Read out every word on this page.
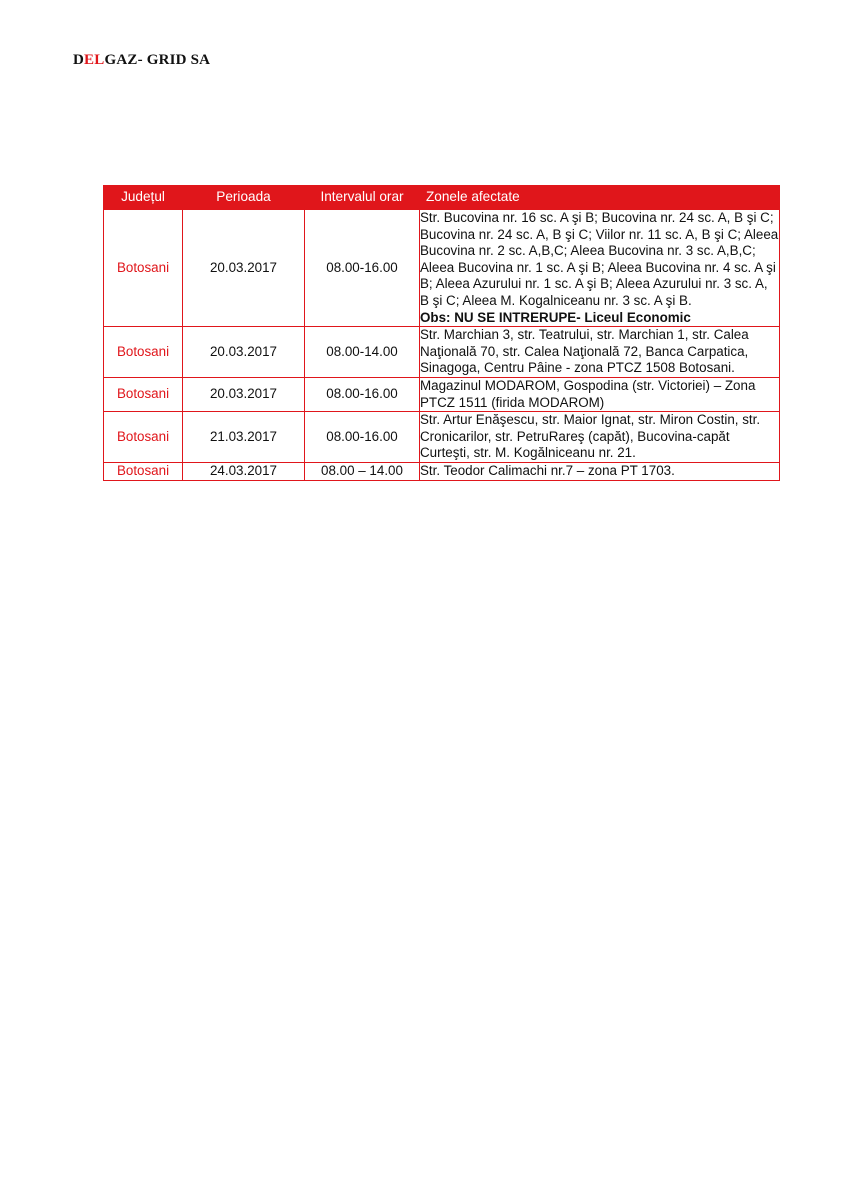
DELGAZ- GRID SA
Județul	Perioada	Intervalul orar	Zonele afectate
Botosani	20.03.2017	08.00-16.00	Str. Bucovina nr. 16 sc. A şi B; Bucovina nr. 24 sc. A, B şi C; Bucovina nr. 24 sc. A, B şi C; Viilor nr. 11 sc. A, B şi C; Aleea Bucovina nr. 2 sc. A,B,C; Aleea Bucovina nr. 3 sc. A,B,C; Aleea Bucovina nr. 1 sc. A şi B; Aleea Bucovina nr. 4 sc. A şi B; Aleea Azurului nr. 1 sc. A şi B; Aleea Azurului nr. 3 sc. A, B şi C; Aleea M. Kogalniceanu nr. 3 sc. A şi B.
Obs: NU SE INTRERUPE- Liceul Economic

Botosani	20.03.2017	08.00-14.00	Str. Marchian 3, str. Teatrului, str. Marchian 1, str. Calea Naţională 70, str. Calea Naţională 72, Banca Carpatica, Sinagoga, Centru Pâine - zona PTCZ 1508 Botosani.
Botosani	20.03.2017	08.00-16.00	Magazinul MODAROM, Gospodina (str. Victoriei) – Zona PTCZ 1511 (firida MODAROM)
Botosani	21.03.2017	08.00-16.00	Str. Artur Enăşescu, str. Maior Ignat, str. Miron Costin, str. Cronicarilor, str. PetruRareş (capăt), Bucovina-capăt Curteşti, str. M. Kogălniceanu nr. 21.
Botosani	24.03.2017	08.00 – 14.00	Str. Teodor Calimachi nr.7 – zona PT 1703.
